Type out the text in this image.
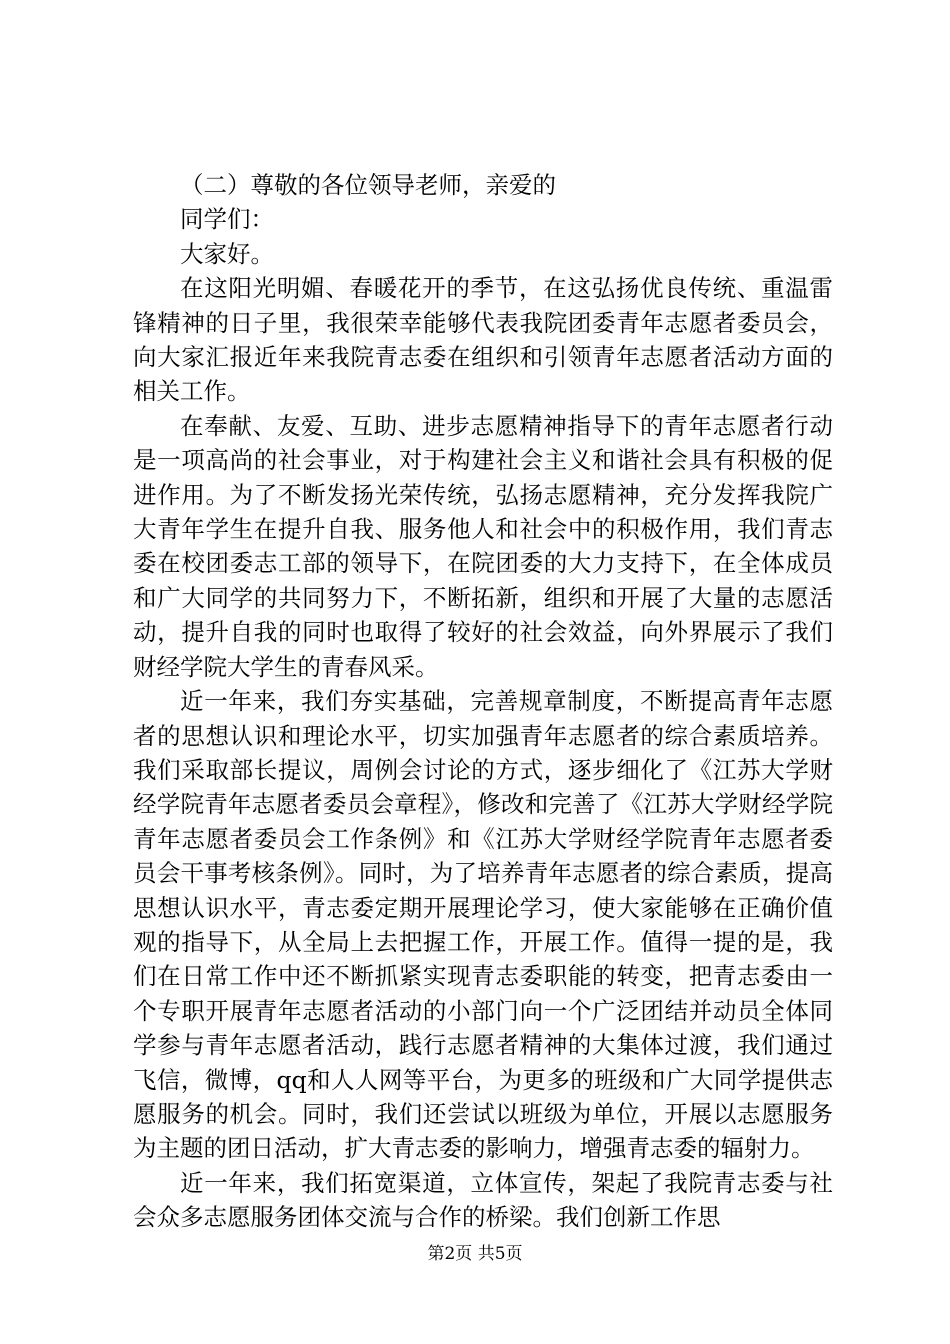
（二）尊敬的各位领导老师，亲爱的

同学们：

大家好。

在这阳光明媚、春暖花开的季节，在这弘扬优良传统、重温雷锋精神的日子里，我很荣幸能够代表我院团委青年志愿者委员会，向大家汇报近年来我院青志委在组织和引领青年志愿者活动方面的相关工作。

在奉献、友爱、互助、进步志愿精神指导下的青年志愿者行动是一项高尚的社会事业，对于构建社会主义和谐社会具有积极的促进作用。为了不断发扬光荣传统，弘扬志愿精神，充分发挥我院广大青年学生在提升自我、服务他人和社会中的积极作用，我们青志委在校团委志工部的领导下，在院团委的大力支持下，在全体成员和广大同学的共同努力下，不断拓新，组织和开展了大量的志愿活动，提升自我的同时也取得了较好的社会效益，向外界展示了我们财经学院大学生的青春风采。

近一年来，我们夯实基础，完善规章制度，不断提高青年志愿者的思想认识和理论水平，切实加强青年志愿者的综合素质培养。我们采取部长提议，周例会讨论的方式，逐步细化了《江苏大学财经学院青年志愿者委员会章程》，修改和完善了《江苏大学财经学院青年志愿者委员会工作条例》和《江苏大学财经学院青年志愿者委员会干事考核条例》。同时，为了培养青年志愿者的综合素质，提高思想认识水平，青志委定期开展理论学习，使大家能够在正确价值观的指导下，从全局上去把握工作，开展工作。值得一提的是，我们在日常工作中还不断抓紧实现青志委职能的转变，把青志委由一个专职开展青年志愿者活动的小部门向一个广泛团结并动员全体同学参与青年志愿者活动，践行志愿者精神的大集体过渡，我们通过飞信，微博，qq和人人网等平台，为更多的班级和广大同学提供志愿服务的机会。同时，我们还尝试以班级为单位，开展以志愿服务为主题的团日活动，扩大青志委的影响力，增强青志委的辐射力。

近一年来，我们拓宽渠道，立体宣传，架起了我院青志委与社会众多志愿服务团体交流与合作的桥梁。我们创新工作思

第2页 共5页
